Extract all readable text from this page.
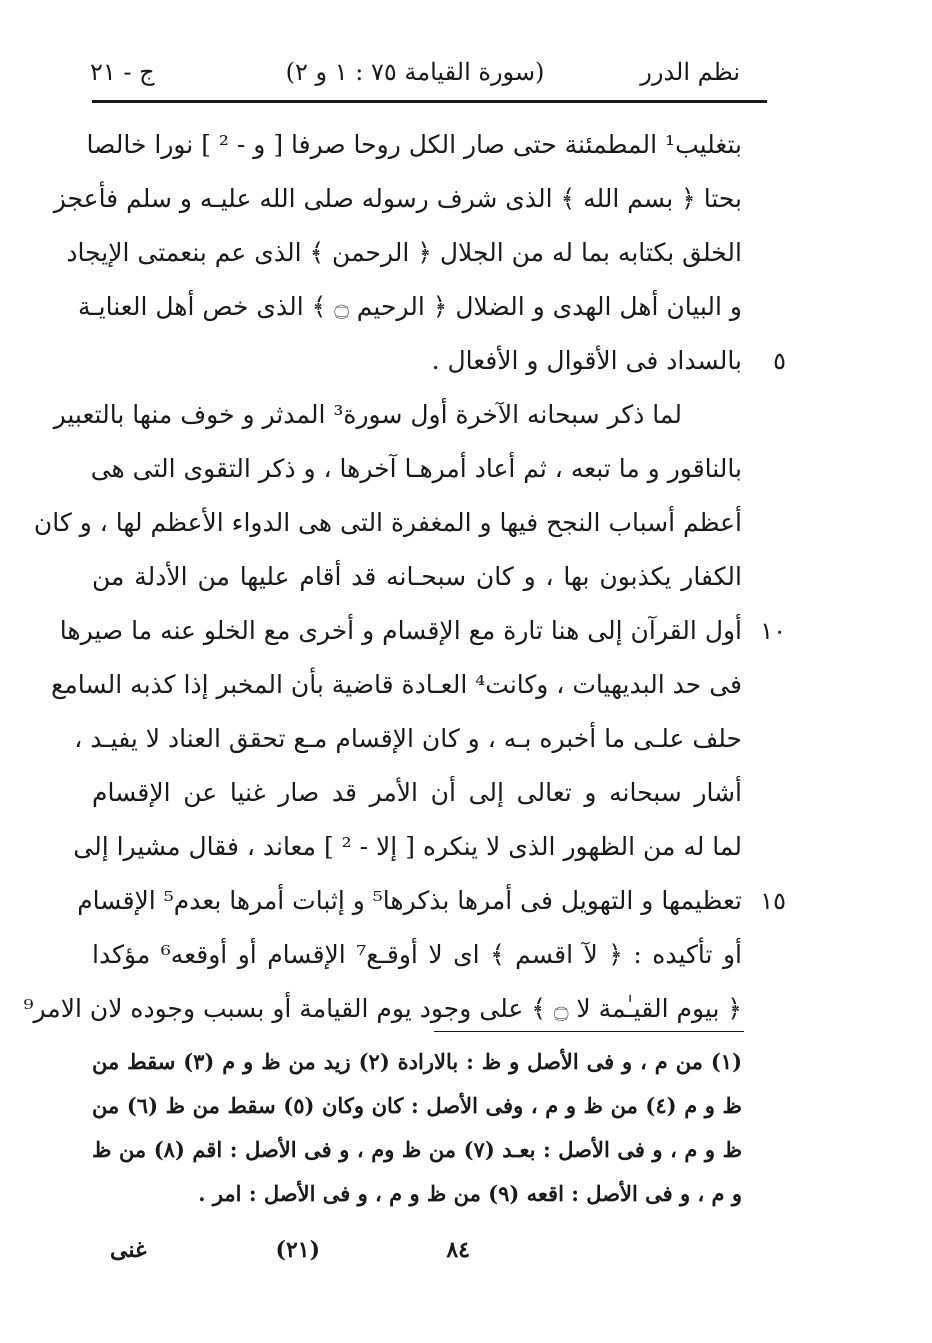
نظم الدرر
(سورة القيامة ٧٥ : ١ و ٢)
ج - ٢١
بتغليب¹ المطمئنة حتى صار الكل روحا صرفا [ و - ² ] نورا خالصا
بحتا ﴿ بسم الله ﴾ الذى شرف رسوله صلى الله عليـه و سلم فأعجز
الخلق بكتابه بما له من الجلال ﴿ الرحمن ﴾ الذى عم بنعمتى الإيجاد
و البيان أهل الهدى و الضلال ﴿ الرحيم ۝ ﴾ الذى خص أهل العنايـة
بالسداد فى الأقوال و الأفعال . ٥
لما ذكر سبحانه الآخرة أول سورة³ المدثر و خوف منها بالتعبير
بالناقور و ما تبعه ، ثم أعاد أمرهـا آخرها ، و ذكر التقوى التى هى
أعظم أسباب النجح فيها و المغفرة التى هى الدواء الأعظم لها ، و كان
الكفار يكذبون بها ، و كان سبحـانه قد أقام عليها من الأدلة من
أول القرآن إلى هنا تارة مع الإقسام و أخرى مع الخلو عنه ما صيرها ١٠
فى حد البديهيات ، وكانت⁴ العـادة قاضية بأن المخبر إذا كذبه السامع
حلف علـى ما أخبره بـه ، و كان الإقسام مـع تحقق العناد لا يفيـد ،
أشار سبحانه و تعالى إلى أن الأمر قد صار غنيا عن الإقسام
لما له من الظهور الذى لا ينكره [ إلا - ² ] معاند ، فقال مشيرا إلى
تعظيمها و التهويل فى أمرها بذكرها⁵ و إثبات أمرها بعدم⁵ الإقسام ١٥
أو تأكيده : ﴿ لآ اقسم ﴾ اى لا أوقـع⁷ الإقسام أو أوقعه⁶ مؤكدا
﴿ بيوم القيـٰمة لا ۝ ﴾ على وجود يوم القيامة أو بسبب وجوده لان الامر⁹
(١) من م ، و فى الأصل و ظ : بالارادة (٢) زيد من ظ و م (٣) سقط من
ظ و م (٤) من ظ و م ، وفى الأصل : كان وكان (٥) سقط من ظ (٦) من
ظ و م ، و فى الأصل : بعـد (٧) من ظ وم ، و فى الأصل : اقم (٨) من ظ
و م ، و فى الأصل : اقعه (٩) من ظ و م ، و فى الأصل : امر .
٨٤
(٢١)
غنى
